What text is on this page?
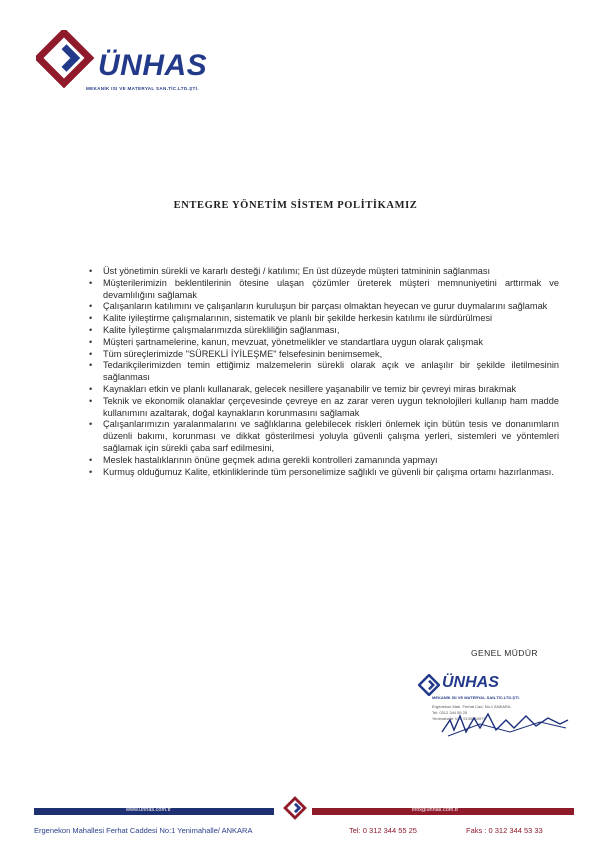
ÜNHAS
MEKANİK ISI VE MATERYAL SAN.TİC.LTD.ŞTİ.
ENTEGRE YÖNETİM SİSTEM POLİTİKAMIZ
• Üst yönetimin sürekli ve kararlı desteği / katılımı; En üst düzeyde müşteri tatmininin sağlanması
• Müşterilerimizin beklentilerinin ötesine ulaşan çözümler üreterek müşteri memnuniyetini arttırmak ve devamlılığını sağlamak
• Çalışanların katılımını ve çalışanların kuruluşun bir parçası olmaktan heyecan ve gurur duymalarını sağlamak
• Kalite iyileştirme çalışmalarının, sistematik ve planlı bir şekilde herkesin katılımı ile sürdürülmesi
• Kalite İyileştirme çalışmalarımızda sürekliliğin sağlanması,
• Müşteri şartnamelerine, kanun, mevzuat, yönetmelikler ve standartlara uygun olarak çalışmak
• Tüm süreçlerimizde "SÜREKLİ İYİLEŞME" felsefesinin benimsemek,
• Tedarikçilerimizden temin ettiğimiz malzemelerin sürekli olarak açık ve anlaşılır bir şekilde iletilmesinin sağlanması
• Kaynakları etkin ve planlı kullanarak, gelecek nesillere yaşanabilir ve temiz bir çevreyi miras bırakmak
• Teknik ve ekonomik olanaklar çerçevesinde çevreye en az zarar veren uygun teknolojileri kullanıp ham madde kullanımını azaltarak, doğal kaynakların korunmasını sağlamak
• Çalışanlarımızın yaralanmalarını ve sağlıklarına gelebilecek riskleri önlemek için bütün tesis ve donanımların düzenli bakımı, korunması ve dikkat gösterilmesi yoluyla güvenli çalışma yerleri, sistemleri ve yöntemleri sağlamak için sürekli çaba sarf edilmesini,
• Meslek hastalıklarının önüne geçmek adına gerekli kontrolleri zamanında yapmayı
• Kurmuş olduğumuz Kalite, etkinliklerinde tüm personelimize sağlıklı ve güvenli bir çalışma ortamı hazırlanması.
GENEL MÜDÜR
ÜNHAS
MEKANİK ISI VE MATERYAL SAN.TİC.LTD.ŞTİ.
Ergenekon Mah. Ferhat Cad. No:1 ANKARA
Tel: 0312 344 55 25
Yenimahalle V.D. 9130084971
www.unhas.com.tr	info@unhas.com.tr
Ergenekon Mahallesi Ferhat Caddesi No:1 Yenimahalle/ ANKARA	Tel: 0 312 344 55 25	Faks : 0 312 344 53 33
